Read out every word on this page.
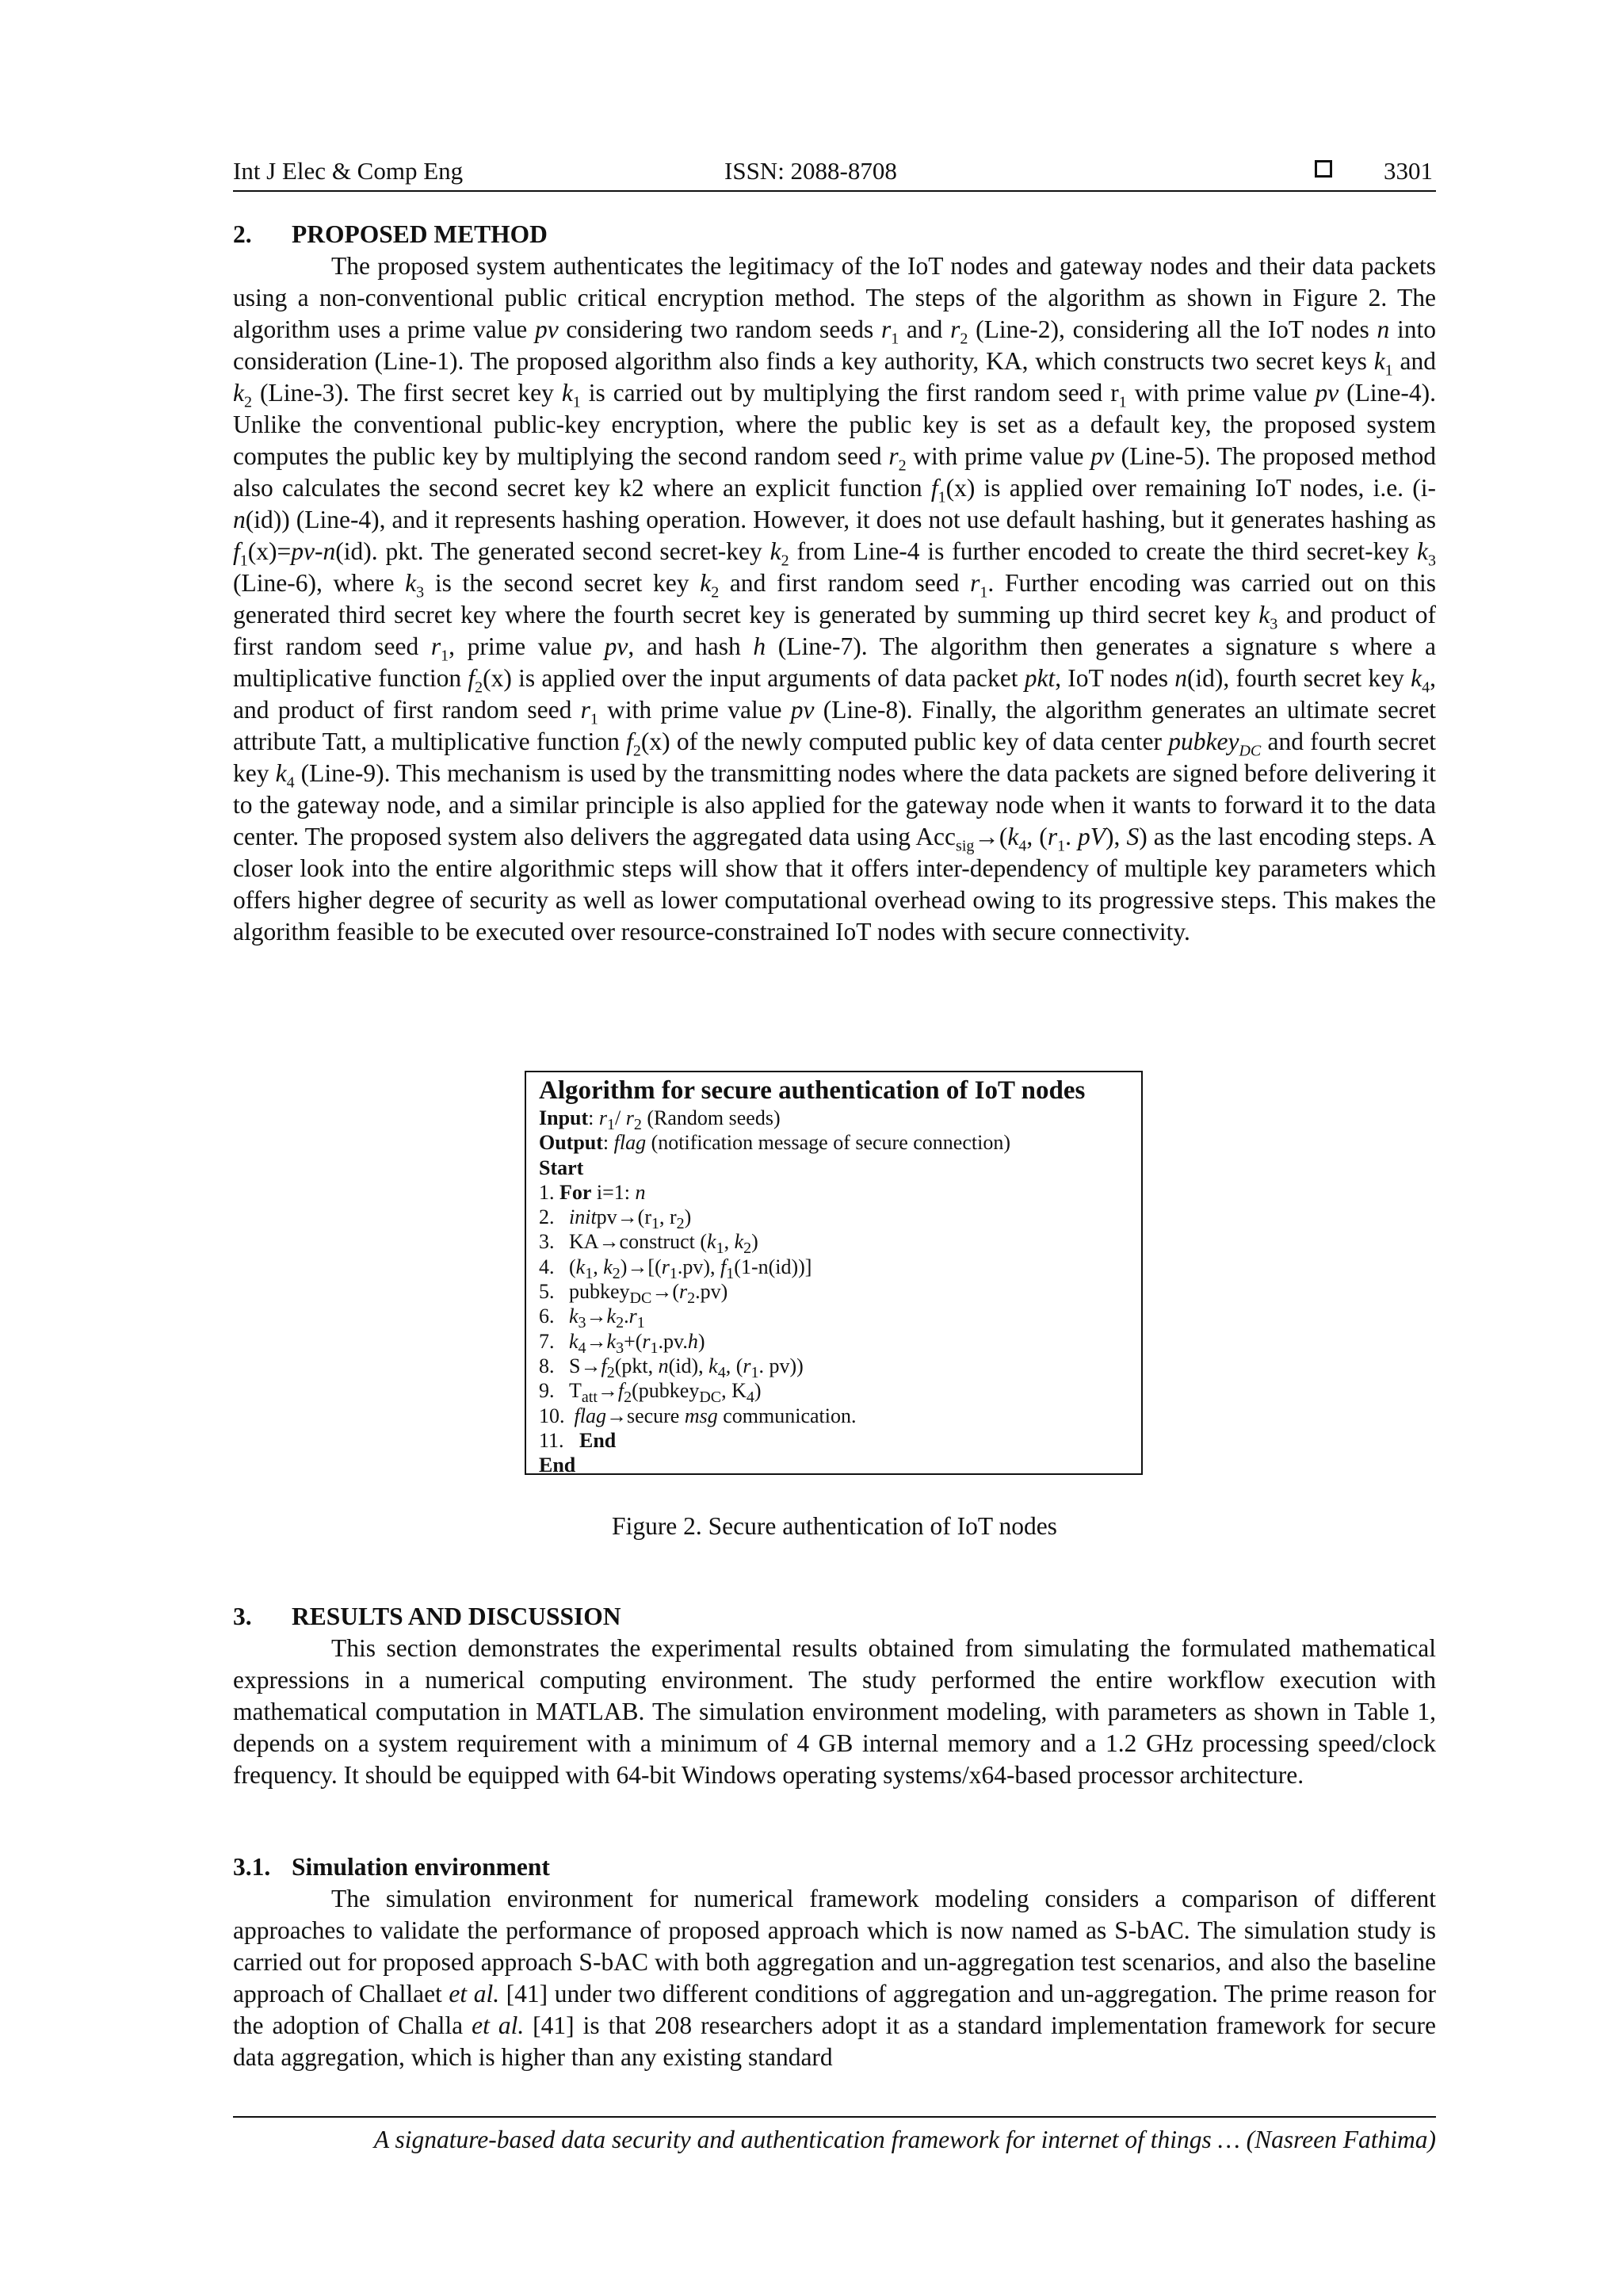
Int J Elec & Comp Eng	ISSN: 2088-8708	3301
2. PROPOSED METHOD

The proposed system authenticates the legitimacy of the IoT nodes and gateway nodes and their data packets using a non-conventional public critical encryption method. The steps of the algorithm as shown in Figure 2. The algorithm uses a prime value pv considering two random seeds $r_1$ and $r_2$ (Line-2), considering all the IoT nodes n into consideration (Line-1). The proposed algorithm also finds a key authority, KA, which constructs two secret keys $k_1$ and $k_2$ (Line-3). The first secret key $k_1$ is carried out by multiplying the first random seed $r_1$ with prime value pv (Line-4). Unlike the conventional public-key encryption, where the public key is set as a default key, the proposed system computes the public key by multiplying the second random seed $r_2$ with prime value pv (Line-5). The proposed method also calculates the second secret key k2 where an explicit function $f_1(x)$ is applied over remaining IoT nodes, i.e. (i-n(id)) (Line-4), and it represents hashing operation. However, it does not use default hashing, but it generates hashing as $f_1(x)=pv-n(id)$. pkt. The generated second secret-key $k_2$ from Line-4 is further encoded to create the third secret-key $k_3$ (Line-6), where $k_3$ is the second secret key $k_2$ and first random seed $r_1$. Further encoding was carried out on this generated third secret key where the fourth secret key is generated by summing up third secret key $k_3$ and product of first random seed $r_1$, prime value pv, and hash h (Line-7). The algorithm then generates a signature s where a multiplicative function $f_2(x)$ is applied over the input arguments of data packet pkt, IoT nodes n(id), fourth secret key $k_4$, and product of first random seed $r_1$ with prime value pv (Line-8). Finally, the algorithm generates an ultimate secret attribute Tatt, a multiplicative function $f_2(x)$ of the newly computed public key of data center pubkey$_{DC}$ and fourth secret key $k_4$ (Line-9). This mechanism is used by the transmitting nodes where the data packets are signed before delivering it to the gateway node, and a similar principle is also applied for the gateway node when it wants to forward it to the data center. The proposed system also delivers the aggregated data using $Acc_{sig}\to(k_4$, ($r_1$. pV), S) as the last encoding steps. A closer look into the entire algorithmic steps will show that it offers inter-dependency of multiple key parameters which offers higher degree of security as well as lower computational overhead owing to its progressive steps. This makes the algorithm feasible to be executed over resource-constrained IoT nodes with secure connectivity.

Algorithm for secure authentication of IoT nodes
Input: $r_1/$ $r_2$ (Random seeds)
Output: flag (notification message of secure connection)
Start
1. For i=1: n
2. $initpv\to(r_1$, $r_2$)
3. KA→construct ($k_1$, $k_2$)
4. ($k_1$, $k_2)\to[(r_1.pv)$, $f_1(1-n(id))$]
5. $pubkey_{DC}\to(r_2.pv)$
6. $k_3\to k_2.r_1$
7. $k_4\to k_3+(r_1.pv.h)$
8. $S\to f_2(pkt$, n(id), $k_4$, ($r_1$. pv))
9. $T_{att}\to f_2(pubkey_{DC}$, $K_4$)
10. flag→secure msg communication.
11. End
End
Figure 2. Secure authentication of IoT nodes
3. RESULTS AND DISCUSSION

This section demonstrates the experimental results obtained from simulating the formulated mathematical expressions in a numerical computing environment. The study performed the entire workflow execution with mathematical computation in MATLAB. The simulation environment modeling, with parameters as shown in Table 1, depends on a system requirement with a minimum of 4 GB internal memory and a 1.2 GHz processing speed/clock frequency. It should be equipped with 64-bit Windows operating systems/x64-based processor architecture.

3.1. Simulation environment

The simulation environment for numerical framework modeling considers a comparison of different approaches to validate the performance of proposed approach which is now named as S-bAC. The simulation study is carried out for proposed approach S-bAC with both aggregation and un-aggregation test scenarios, and also the baseline approach of Challaet et al. [41] under two different conditions of aggregation and un-aggregation. The prime reason for the adoption of Challa et al. [41] is that 208 researchers adopt it as a standard implementation framework for secure data aggregation, which is higher than any existing standard

A signature-based data security and authentication framework for internet of things … (Nasreen Fathima)
